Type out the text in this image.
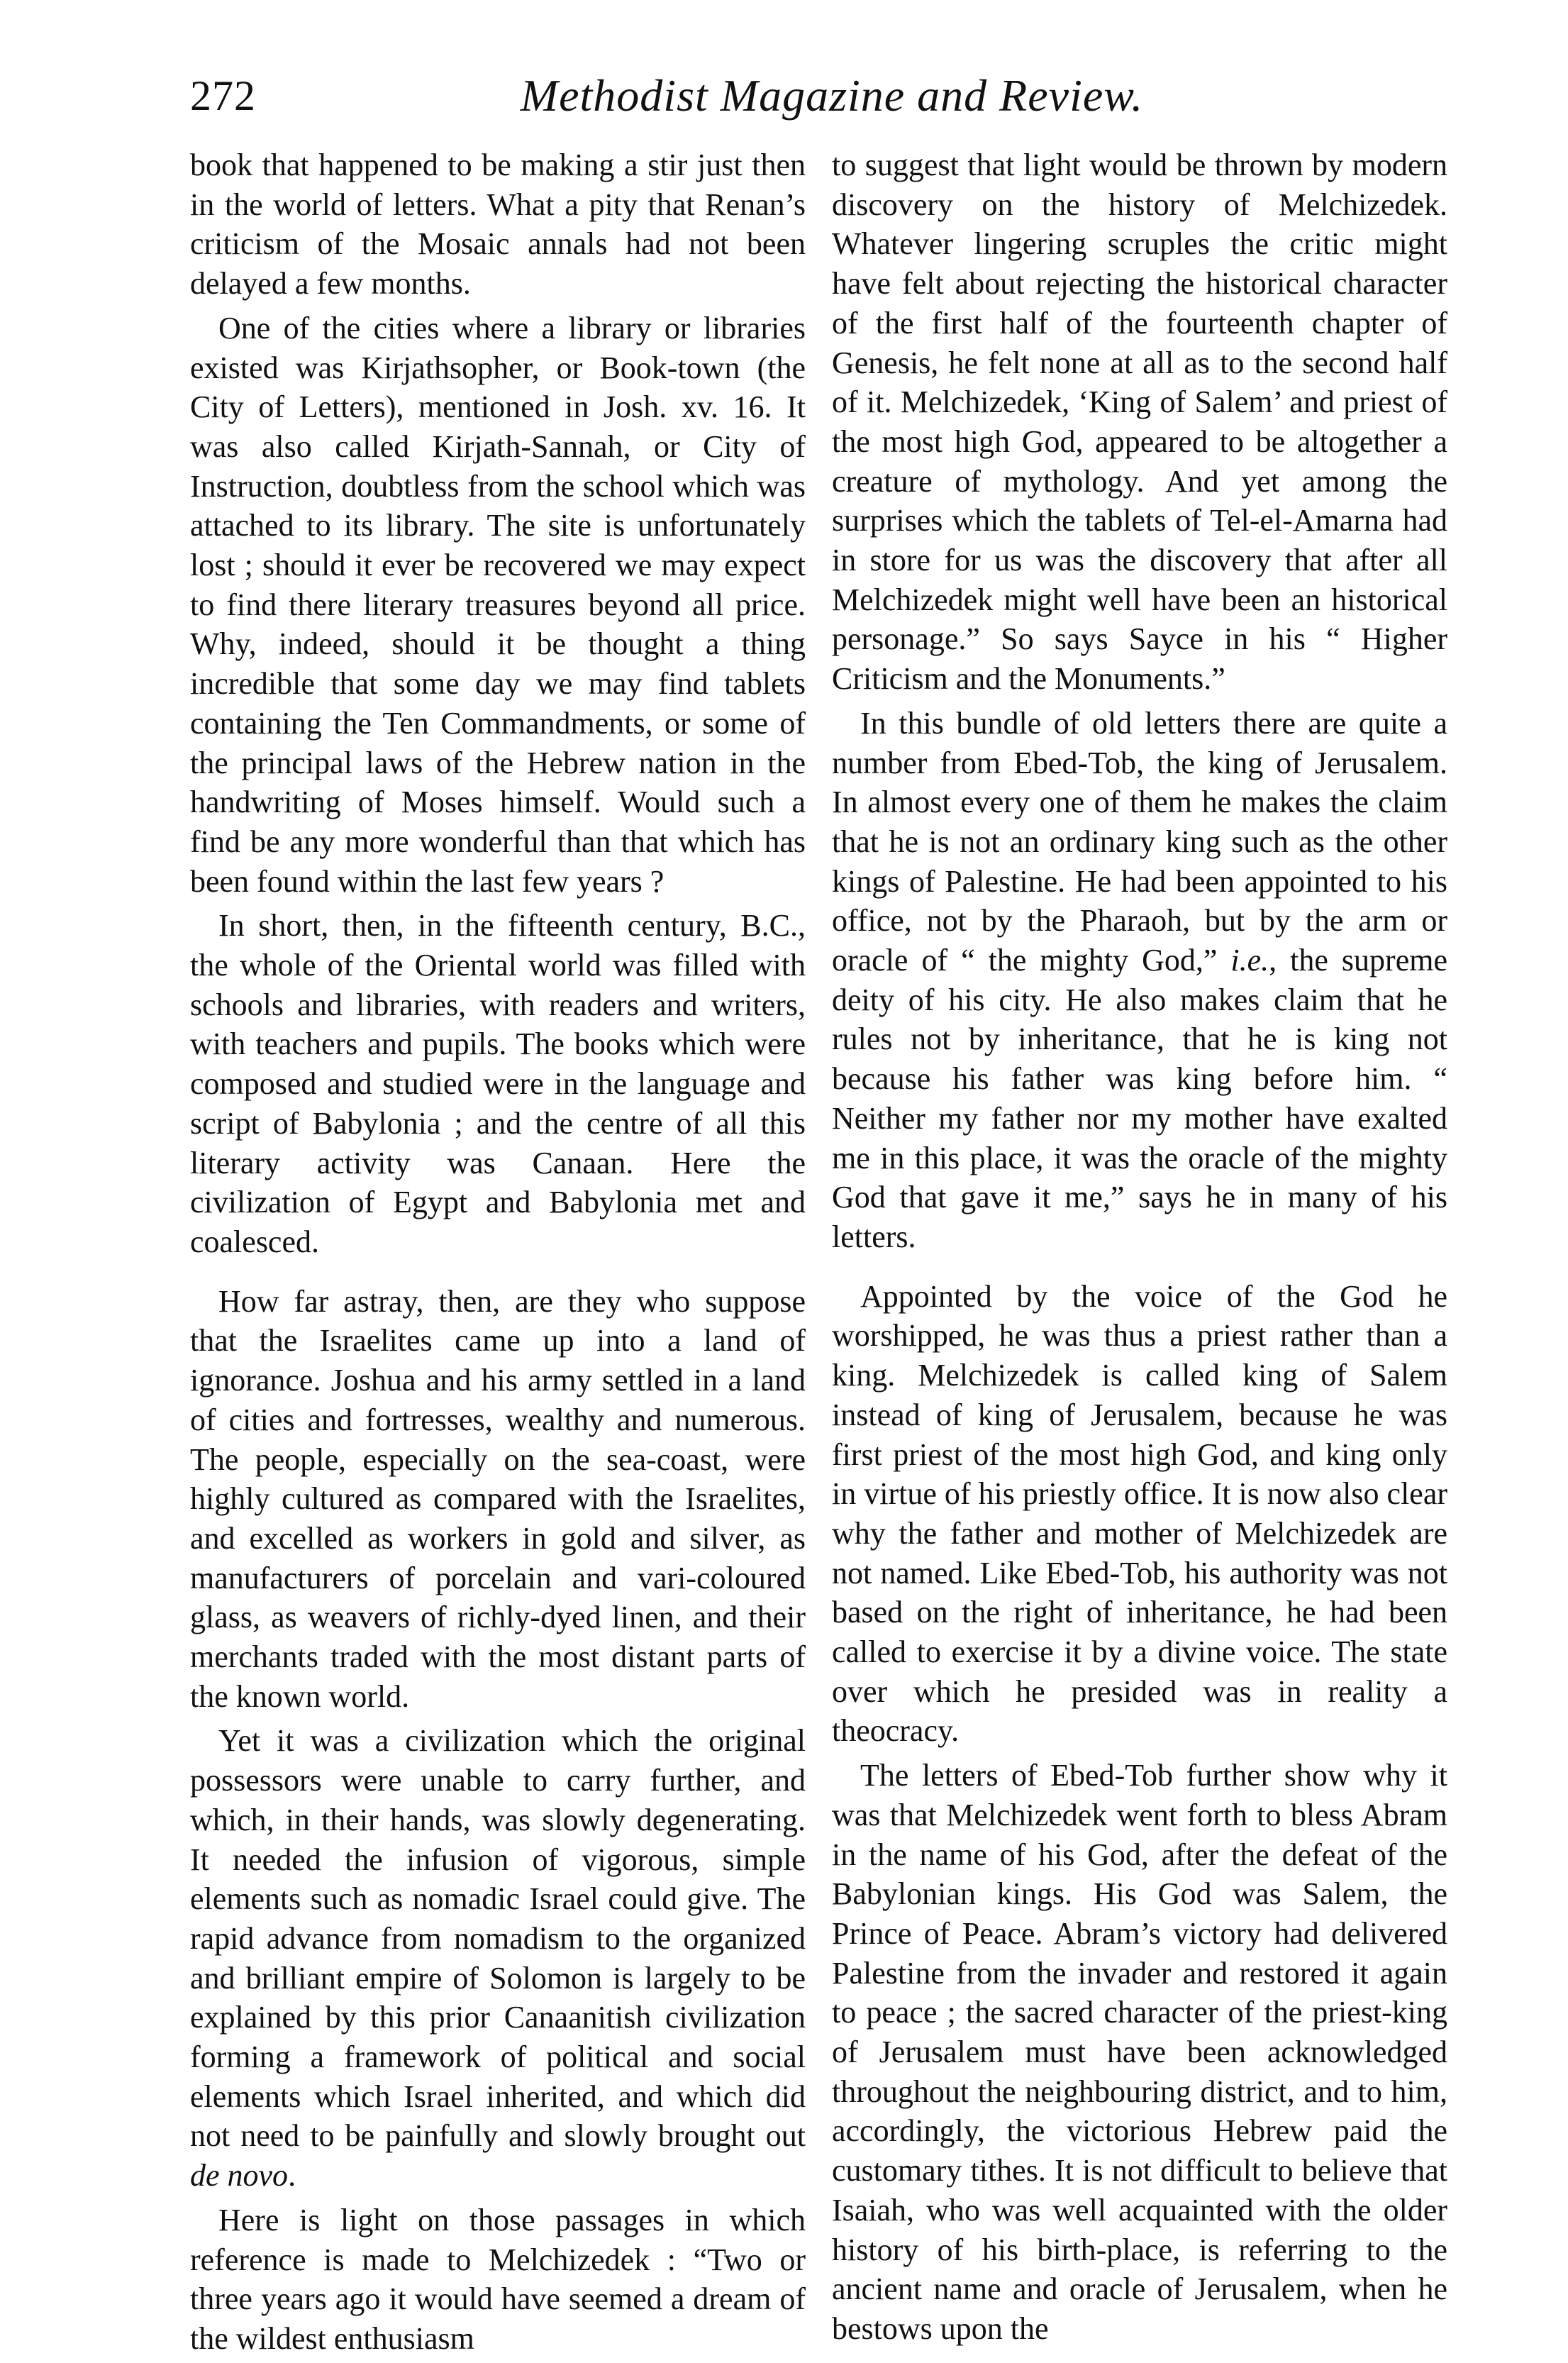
272	Methodist Magazine and Review.

book that happened to be making a stir just then in the world of letters. What a pity that Renan’s criticism of the Mosaic annals had not been delayed a few months.

One of the cities where a library or libraries existed was Kirjathsopher, or Book-town (the City of Letters), mentioned in Josh. xv. 16. It was also called Kirjath-Sannah, or City of Instruction, doubtless from the school which was attached to its library. The site is unfortunately lost ; should it ever be recovered we may expect to find there literary treasures beyond all price. Why, indeed, should it be thought a thing incredible that some day we may find tablets containing the Ten Commandments, or some of the principal laws of the Hebrew nation in the handwriting of Moses himself. Would such a find be any more wonderful than that which has been found within the last few years ?

In short, then, in the fifteenth century, B.C., the whole of the Oriental world was filled with schools and libraries, with readers and writers, with teachers and pupils. The books which were composed and studied were in the language and script of Babylonia ; and the centre of all this literary activity was Canaan. Here the civilization of Egypt and Babylonia met and coalesced.

How far astray, then, are they who suppose that the Israelites came up into a land of ignorance. Joshua and his army settled in a land of cities and fortresses, wealthy and numerous. The people, especially on the sea-coast, were highly cultured as compared with the Israelites, and excelled as workers in gold and silver, as manufacturers of porcelain and vari-coloured glass, as weavers of richly-dyed linen, and their merchants traded with the most distant parts of the known world.

Yet it was a civilization which the original possessors were unable to carry further, and which, in their hands, was slowly degenerating. It needed the infusion of vigorous, simple elements such as nomadic Israel could give. The rapid advance from nomadism to the organized and brilliant empire of Solomon is largely to be explained by this prior Canaanitish civilization forming a framework of political and social elements which Israel inherited, and which did not need to be painfully and slowly brought out de novo.

Here is light on those passages in which reference is made to Melchizedek : “Two or three years ago it would have seemed a dream of the wildest enthusiasm

to suggest that light would be thrown by modern discovery on the history of Melchizedek. Whatever lingering scruples the critic might have felt about rejecting the historical character of the first half of the fourteenth chapter of Genesis, he felt none at all as to the second half of it. Melchizedek, ‘King of Salem’ and priest of the most high God, appeared to be altogether a creature of mythology. And yet among the surprises which the tablets of Tel-el-Amarna had in store for us was the discovery that after all Melchizedek might well have been an historical personage.” So says Sayce in his “ Higher Criticism and the Monuments.”

In this bundle of old letters there are quite a number from Ebed-Tob, the king of Jerusalem. In almost every one of them he makes the claim that he is not an ordinary king such as the other kings of Palestine. He had been appointed to his office, not by the Pharaoh, but by the arm or oracle of “ the mighty God,” i.e., the supreme deity of his city. He also makes claim that he rules not by inheritance, that he is king not because his father was king before him. “ Neither my father nor my mother have exalted me in this place, it was the oracle of the mighty God that gave it me,” says he in many of his letters.

Appointed by the voice of the God he worshipped, he was thus a priest rather than a king. Melchizedek is called king of Salem instead of king of Jerusalem, because he was first priest of the most high God, and king only in virtue of his priestly office. It is now also clear why the father and mother of Melchizedek are not named. Like Ebed-Tob, his authority was not based on the right of inheritance, he had been called to exercise it by a divine voice. The state over which he presided was in reality a theocracy.

The letters of Ebed-Tob further show why it was that Melchizedek went forth to bless Abram in the name of his God, after the defeat of the Babylonian kings. His God was Salem, the Prince of Peace. Abram’s victory had delivered Palestine from the invader and restored it again to peace ; the sacred character of the priest-king of Jerusalem must have been acknowledged throughout the neighbouring district, and to him, accordingly, the victorious Hebrew paid the customary tithes. It is not difficult to believe that Isaiah, who was well acquainted with the older history of his birth-place, is referring to the ancient name and oracle of Jerusalem, when he bestows upon the
